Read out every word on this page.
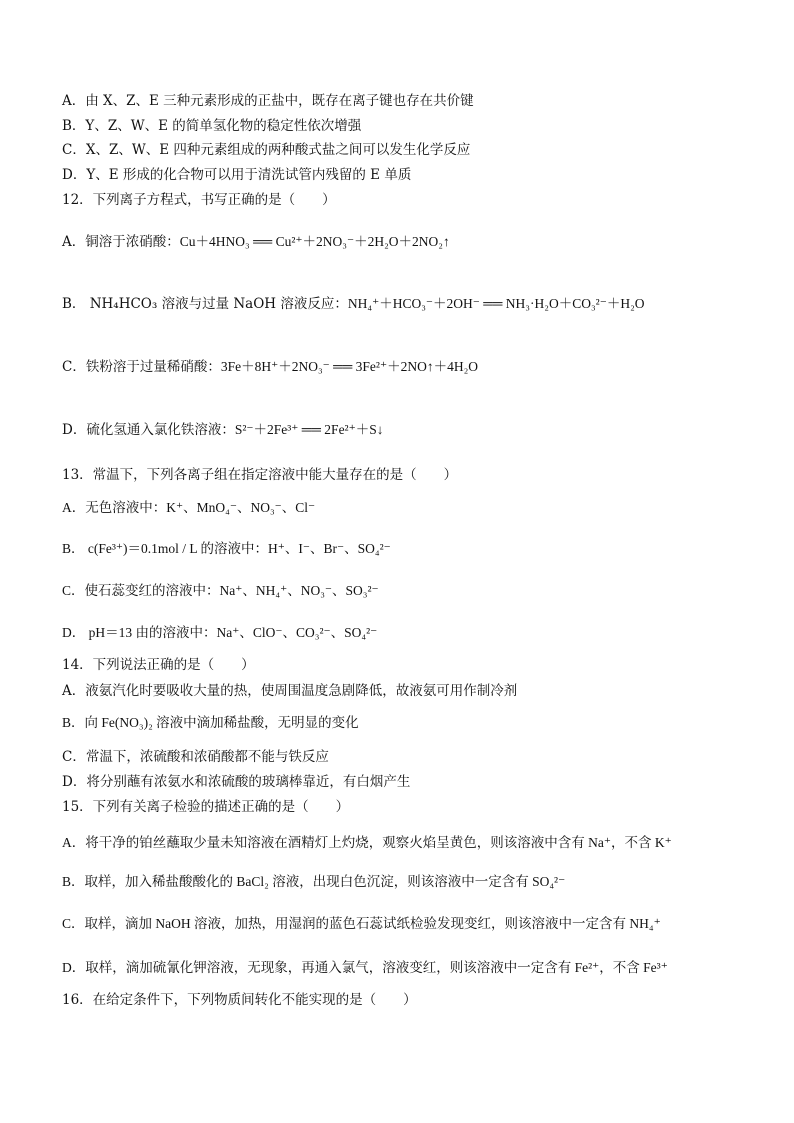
A．由 X、Z、E 三种元素形成的正盐中，既存在离子键也存在共价键
B．Y、Z、W、E 的简单氢化物的稳定性依次增强
C．X、Z、W、E 四种元素组成的两种酸式盐之间可以发生化学反应
D．Y、E 形成的化合物可以用于清洗试管内残留的 E 单质
12．下列离子方程式，书写正确的是（　　）
A．铜溶于浓硝酸：Cu＋4HNO₃ ══ Cu²⁺＋2NO₃⁻＋2H₂O＋2NO₂↑
B． NH₄HCO₃ 溶液与过量 NaOH 溶液反应：NH₄⁺＋HCO₃⁻＋2OH⁻ ══ NH₃·H₂O＋CO₃²⁻＋H₂O
C．铁粉溶于过量稀硝酸：3Fe＋8H⁺＋2NO₃⁻ ══ 3Fe²⁺＋2NO↑＋4H₂O
D．硫化氢通入氯化铁溶液：S²⁻＋2Fe³⁺ ══ 2Fe²⁺＋S↓
13．常温下，下列各离子组在指定溶液中能大量存在的是（　　）
A．无色溶液中：K⁺、MnO₄⁻、NO₃⁻、Cl⁻
B． c(Fe³⁺)＝0.1mol / L 的溶液中：H⁺、I⁻、Br⁻、SO₄²⁻
C．使石蕊变红的溶液中：Na⁺、NH₄⁺、NO₃⁻、SO₃²⁻
D． pH＝13 由的溶液中：Na⁺、ClO⁻、CO₃²⁻、SO₄²⁻
14．下列说法正确的是（　　）
A．液氨汽化时要吸收大量的热，使周围温度急剧降低，故液氨可用作制冷剂
B．向 Fe(NO₃)₂ 溶液中滴加稀盐酸，无明显的变化
C．常温下，浓硫酸和浓硝酸都不能与铁反应
D．将分别蘸有浓氨水和浓硫酸的玻璃棒靠近，有白烟产生
15．下列有关离子检验的描述正确的是（　　）
A．将干净的铂丝蘸取少量未知溶液在酒精灯上灼烧，观察火焰呈黄色，则该溶液中含有 Na⁺，不含 K⁺
B．取样，加入稀盐酸酸化的 BaCl₂ 溶液，出现白色沉淀，则该溶液中一定含有 SO₄²⁻
C．取样，滴加 NaOH 溶液，加热，用湿润的蓝色石蕊试纸检验发现变红，则该溶液中一定含有 NH₄⁺
D．取样，滴加硫氰化钾溶液，无现象，再通入氯气，溶液变红，则该溶液中一定含有 Fe²⁺，不含 Fe³⁺
16．在给定条件下，下列物质间转化不能实现的是（　　）
